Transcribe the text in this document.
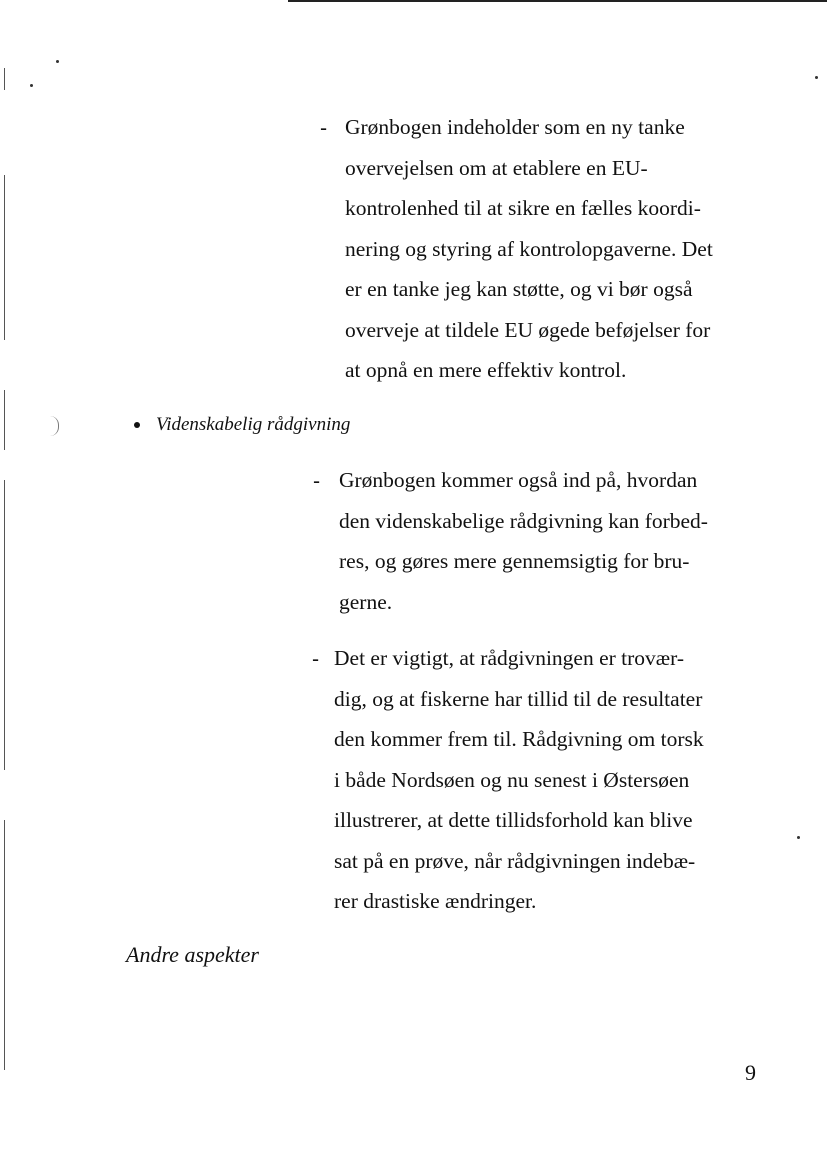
- Grønbogen indeholder som en ny tanke
overvejelsen om at etablere en EU-
kontrolenhed til at sikre en fælles koordi-
nering og styring af kontrolopgaverne. Det
er en tanke jeg kan støtte, og vi bør også
overveje at tildele EU øgede beføjelser for
at opnå en mere effektiv kontrol.
Videnskabelig rådgivning
- Grønbogen kommer også ind på, hvordan
den videnskabelige rådgivning kan forbed-
res, og gøres mere gennemsigtig for bru-
gerne.
- Det er vigtigt, at rådgivningen er trovær-
dig, og at fiskerne har tillid til de resultater
den kommer frem til. Rådgivning om torsk
i både Nordsøen og nu senest i Østersøen
illustrerer, at dette tillidsforhold kan blive
sat på en prøve, når rådgivningen indebæ-
rer drastiske ændringer.
Andre aspekter
9
